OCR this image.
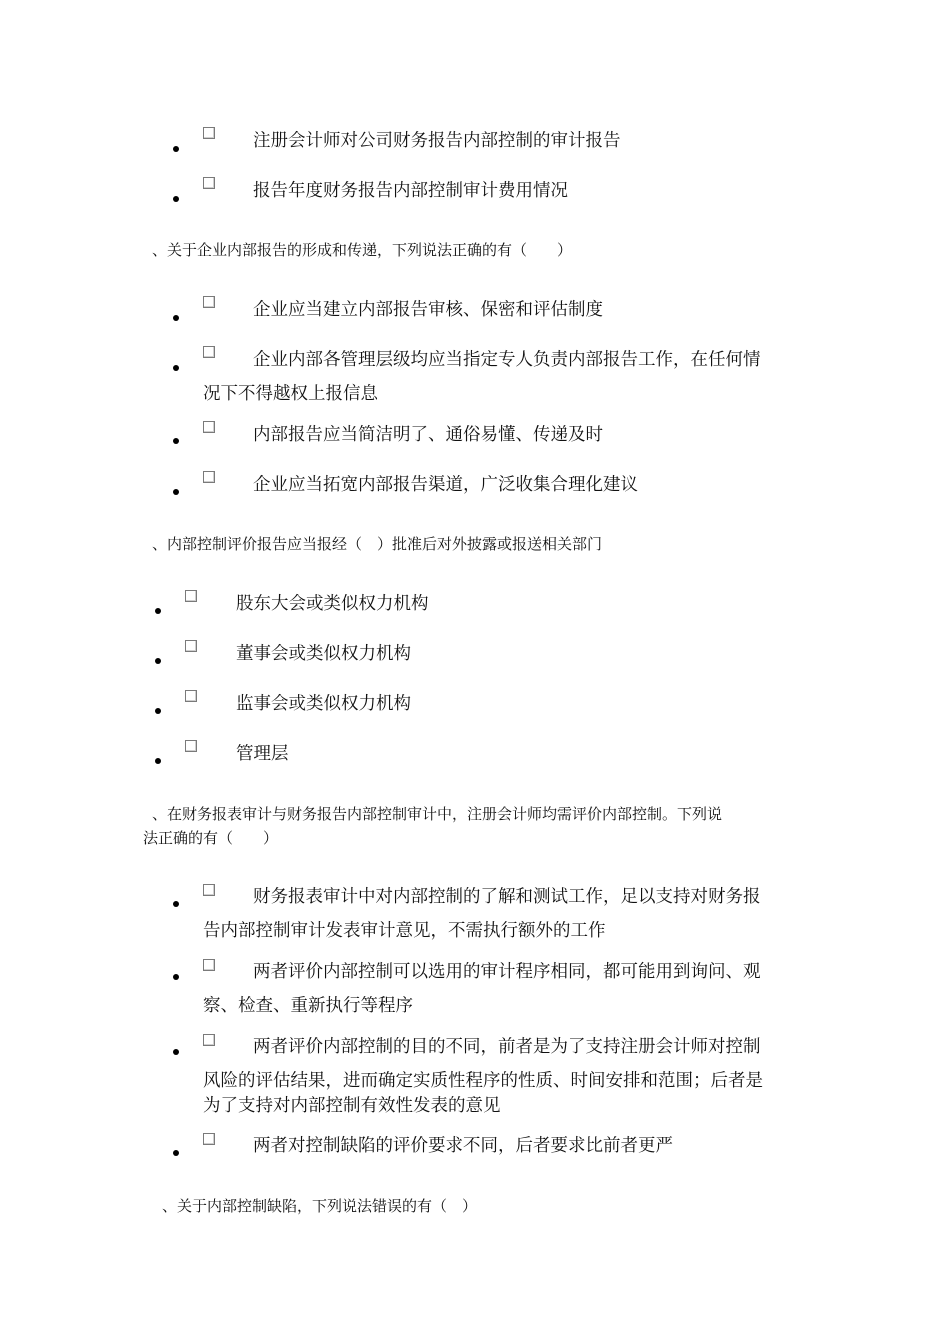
注册会计师对公司财务报告内部控制的审计报告
报告年度财务报告内部控制审计费用情况
、关于企业内部报告的形成和传递，下列说法正确的有（　　）
企业应当建立内部报告审核、保密和评估制度
企业内部各管理层级均应当指定专人负责内部报告工作，在任何情
况下不得越权上报信息
内部报告应当简洁明了、通俗易懂、传递及时
企业应当拓宽内部报告渠道，广泛收集合理化建议
、内部控制评价报告应当报经（　）批准后对外披露或报送相关部门
股东大会或类似权力机构
董事会或类似权力机构
监事会或类似权力机构
管理层
、在财务报表审计与财务报告内部控制审计中，注册会计师均需评价内部控制。下列说
法正确的有（　　）
财务报表审计中对内部控制的了解和测试工作，足以支持对财务报
告内部控制审计发表审计意见，不需执行额外的工作
两者评价内部控制可以选用的审计程序相同，都可能用到询问、观
察、检查、重新执行等程序
两者评价内部控制的目的不同，前者是为了支持注册会计师对控制
风险的评估结果，进而确定实质性程序的性质、时间安排和范围；后者是
为了支持对内部控制有效性发表的意见
两者对控制缺陷的评价要求不同，后者要求比前者更严
、关于内部控制缺陷，下列说法错误的有（　）
